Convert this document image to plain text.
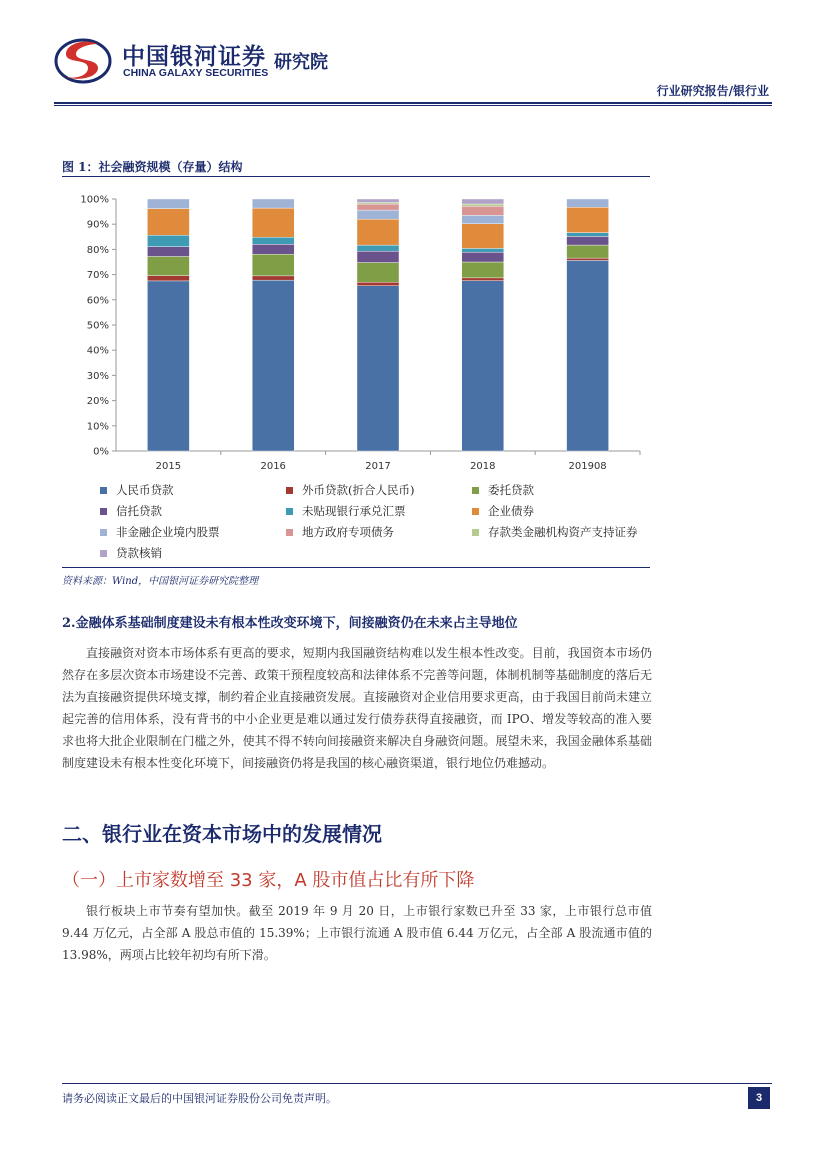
中国银河证券
CHINA GALAXY SECURITIES 研究院
行业研究报告/银行业
图 1：社会融资规模（存量）结构
0%
10%
20%
30%
40%
50%
60%
70%
80%
90%
100%
2015	2016	2017	2018	201908
人民币贷款	外币贷款(折合人民币)	委托贷款
信托贷款	未贴现银行承兑汇票	企业债券
非金融企业境内股票	地方政府专项债务	存款类金融机构资产支持证券
贷款核销
资料来源：Wind，中国银河证券研究院整理
2.金融体系基础制度建设未有根本性改变环境下，间接融资仍在未来占主导地位

直接融资对资本市场体系有更高的要求，短期内我国融资结构难以发生根本性改变。目前，我国资本市场仍然存在多层次资本市场建设不完善、政策干预程度较高和法律体系不完善等问题，体制机制等基础制度的落后无法为直接融资提供环境支撑，制约着企业直接融资发展。直接融资对企业信用要求更高，由于我国目前尚未建立起完善的信用体系，没有背书的中小企业更是难以通过发行债券获得直接融资，而 IPO、增发等较高的准入要求也将大批企业限制在门槛之外，使其不得不转向间接融资来解决自身融资问题。展望未来，我国金融体系基础制度建设未有根本性变化环境下，间接融资仍将是我国的核心融资渠道，银行地位仍难撼动。

二、银行业在资本市场中的发展情况
（一）上市家数增至 33 家，A 股市值占比有所下降

银行板块上市节奏有望加快。截至 2019 年 9 月 20 日，上市银行家数已升至 33 家，上市银行总市值 9.44 万亿元，占全部 A 股总市值的 15.39%；上市银行流通 A 股市值 6.44 万亿元，占全部 A 股流通市值的 13.98%，两项占比较年初均有所下滑。

请务必阅读正文最后的中国银河证券股份公司免责声明。	3
